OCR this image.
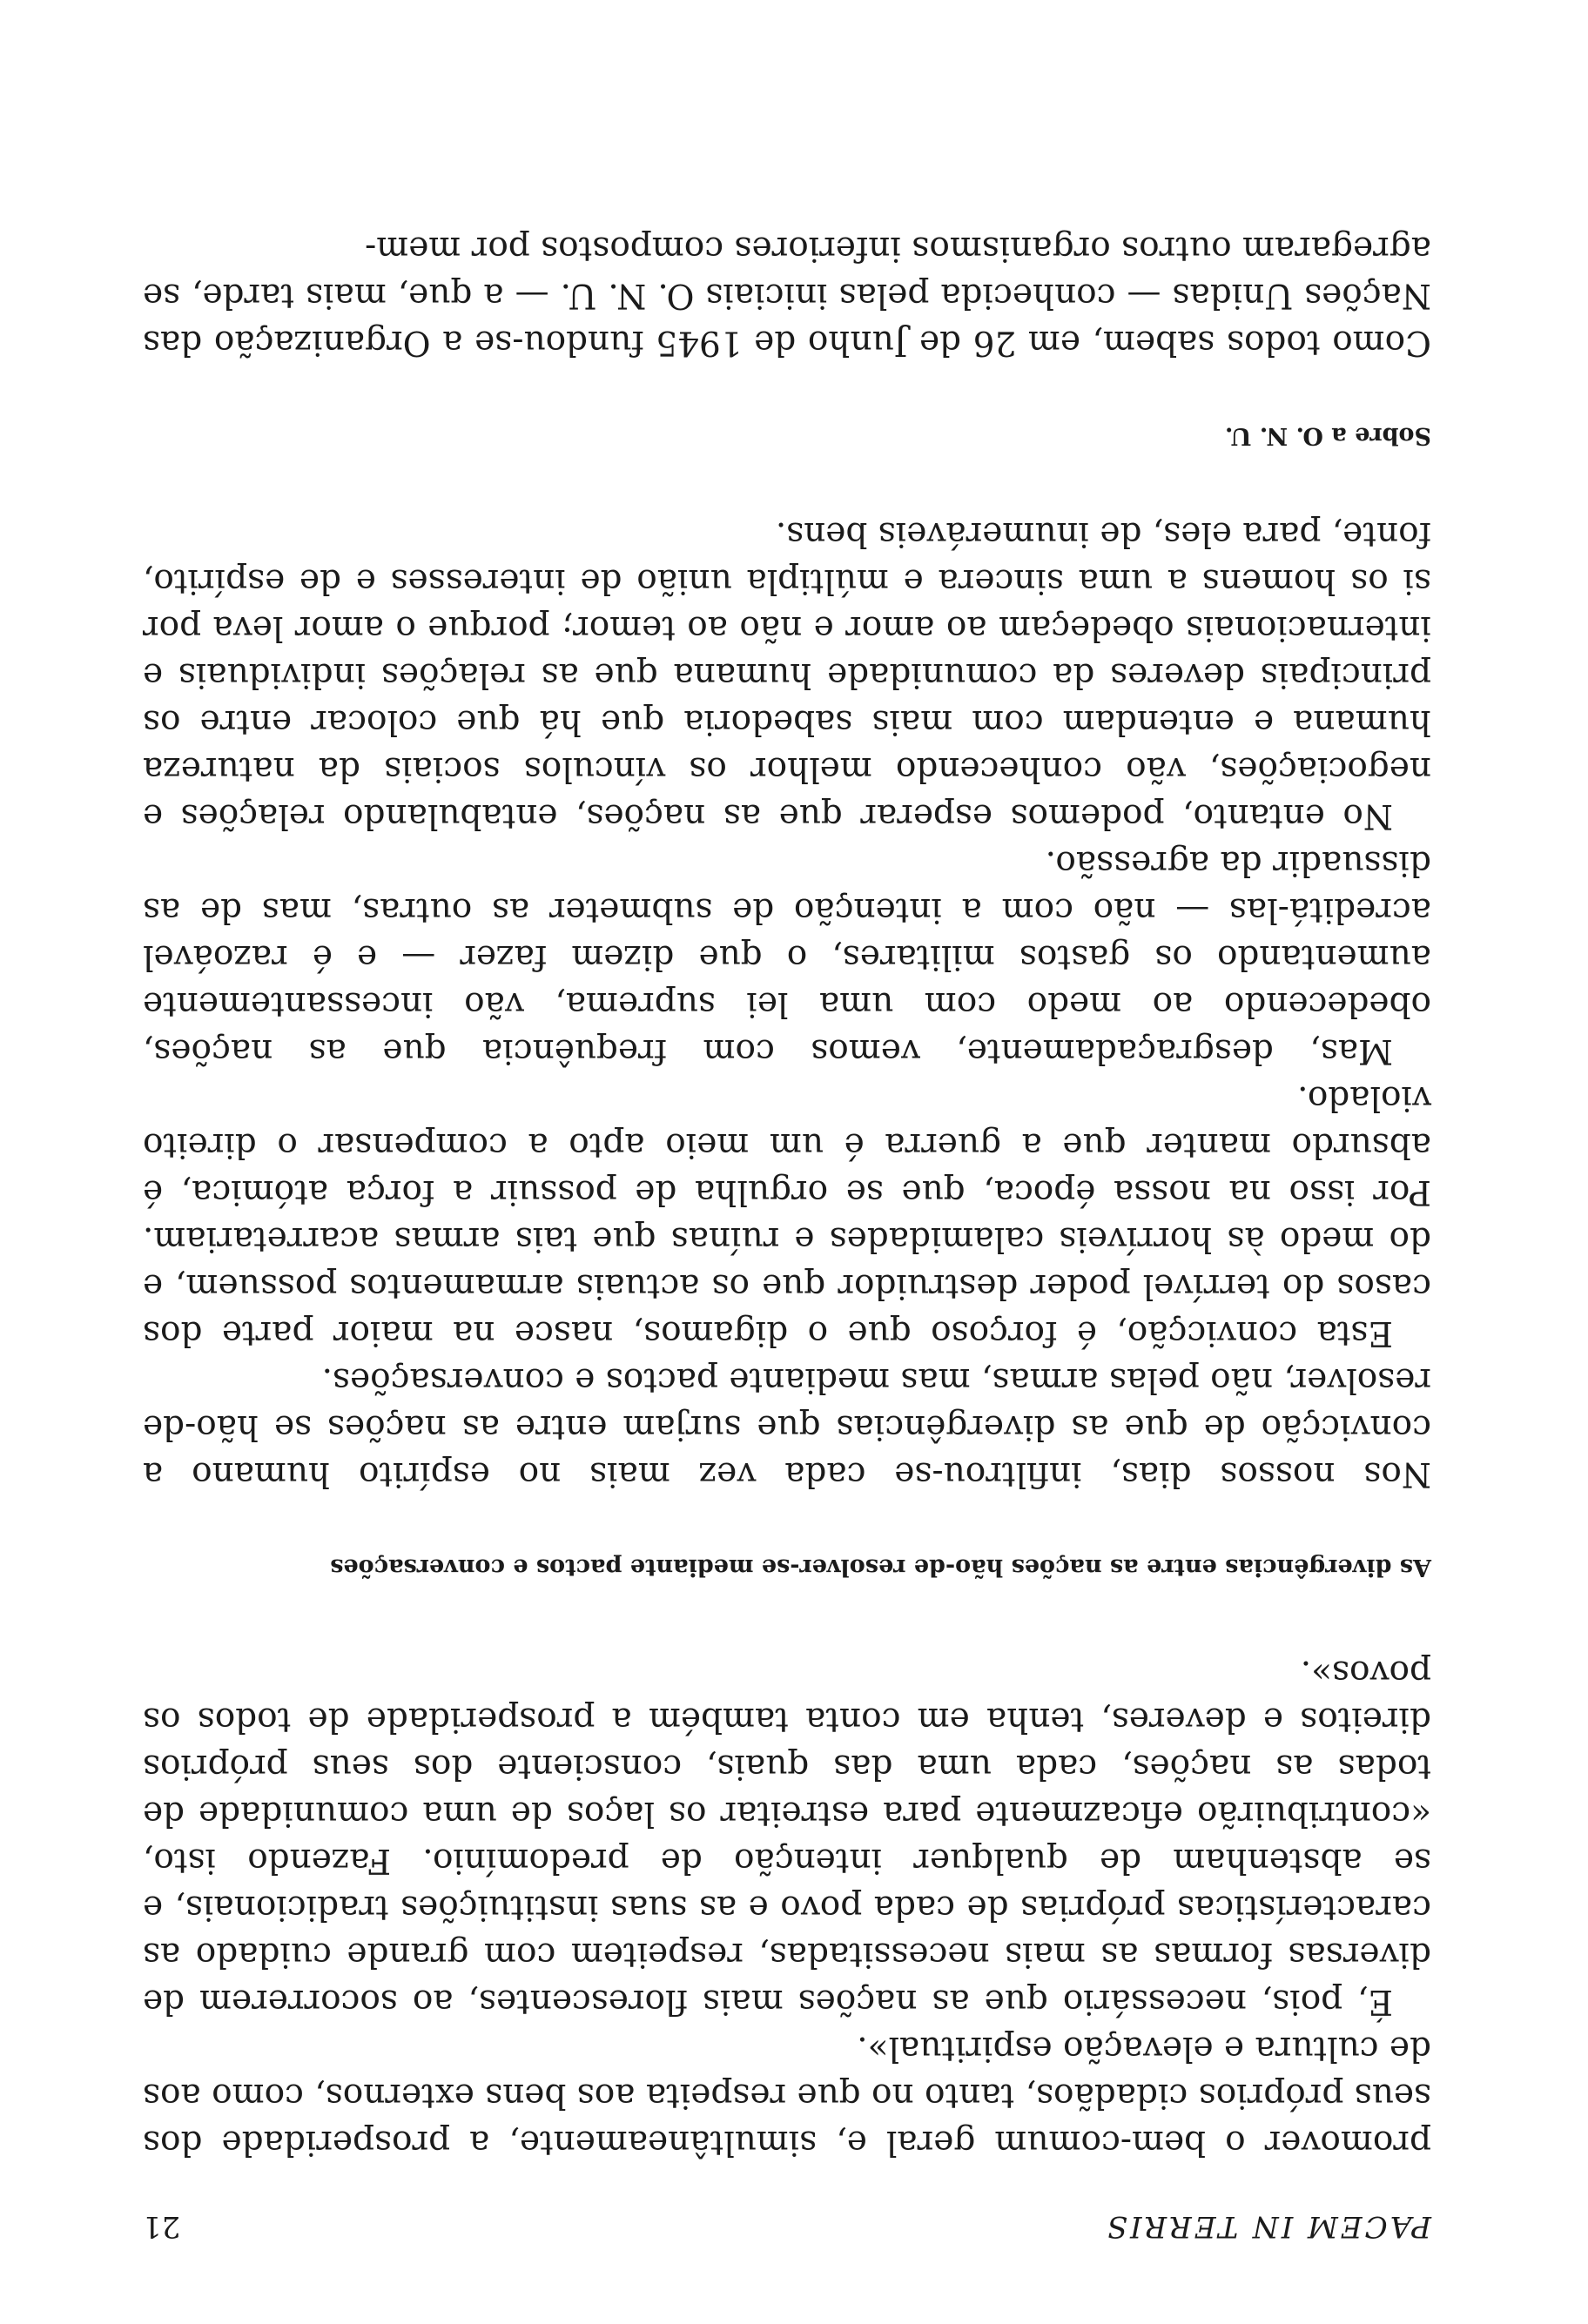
PACEM IN TERRIS
21

promover o bem-comum geral e, simultâneamente, a prosperidade dos seus próprios cidadãos, tanto no que respeita aos bens externos, como aos de cultura e elevação espiritual».

É, pois, necessário que as nações mais florescentes, ao socorrerem de diversas formas as mais necessitadas, respeitem com grande cuidado as características próprias de cada povo e as suas instituições tradicionais, e se abstenham de qualquer intenção de predomínio. Fazendo isto, «contribuirão eficazmente para estreitar os laços de uma comunidade de todas as nações, cada uma das quais, consciente dos seus próprios direitos e deveres, tenha em conta também a prosperidade de todos os povos».

As divergências entre as nações hão-de resolver-se mediante pactos e conversações

Nos nossos dias, infiltrou-se cada vez mais no espírito humano a convicção de que as divergências que surjam entre as nações se hão-de resolver, não pelas armas, mas mediante pactos e conversações.

Esta convicção, é forçoso que o digamos, nasce na maior parte dos casos do terrível poder destruidor que os actuais armamentos possuem, e do medo às horríveis calamidades e ruínas que tais armas acarretariam. Por isso na nossa época, que se orgulha de possuir a força atómica, é absurdo manter que a guerra é um meio apto a compensar o direito violado.

Mas, desgraçadamente, vemos com frequência que as nações, obedecendo ao medo com uma lei suprema, vão incessantemente aumentando os gastos militares, o que dizem fazer — e é razoável acreditá-las — não com a intenção de submeter as outras, mas de as dissuadir da agressão.

No entanto, podemos esperar que as nações, entabulando relações e negociações, vão conhecendo melhor os vínculos sociais da natureza humana e entendam com mais sabedoria que há que colocar entre os principais deveres da comunidade humana que as relações individuais e internacionais obedeçam ao amor e não ao temor; porque o amor leva por si os homens a uma sincera e múltipla união de interesses e de espírito, fonte, para eles, de inumeráveis bens.

Sobre a O. N. U.

Como todos sabem, em 26 de Junho de 1945 fundou-se a Organização das Nações Unidas — conhecida pelas iniciais O. N. U. — a que, mais tarde, se agregaram outros organismos inferiores compostos por mem-
